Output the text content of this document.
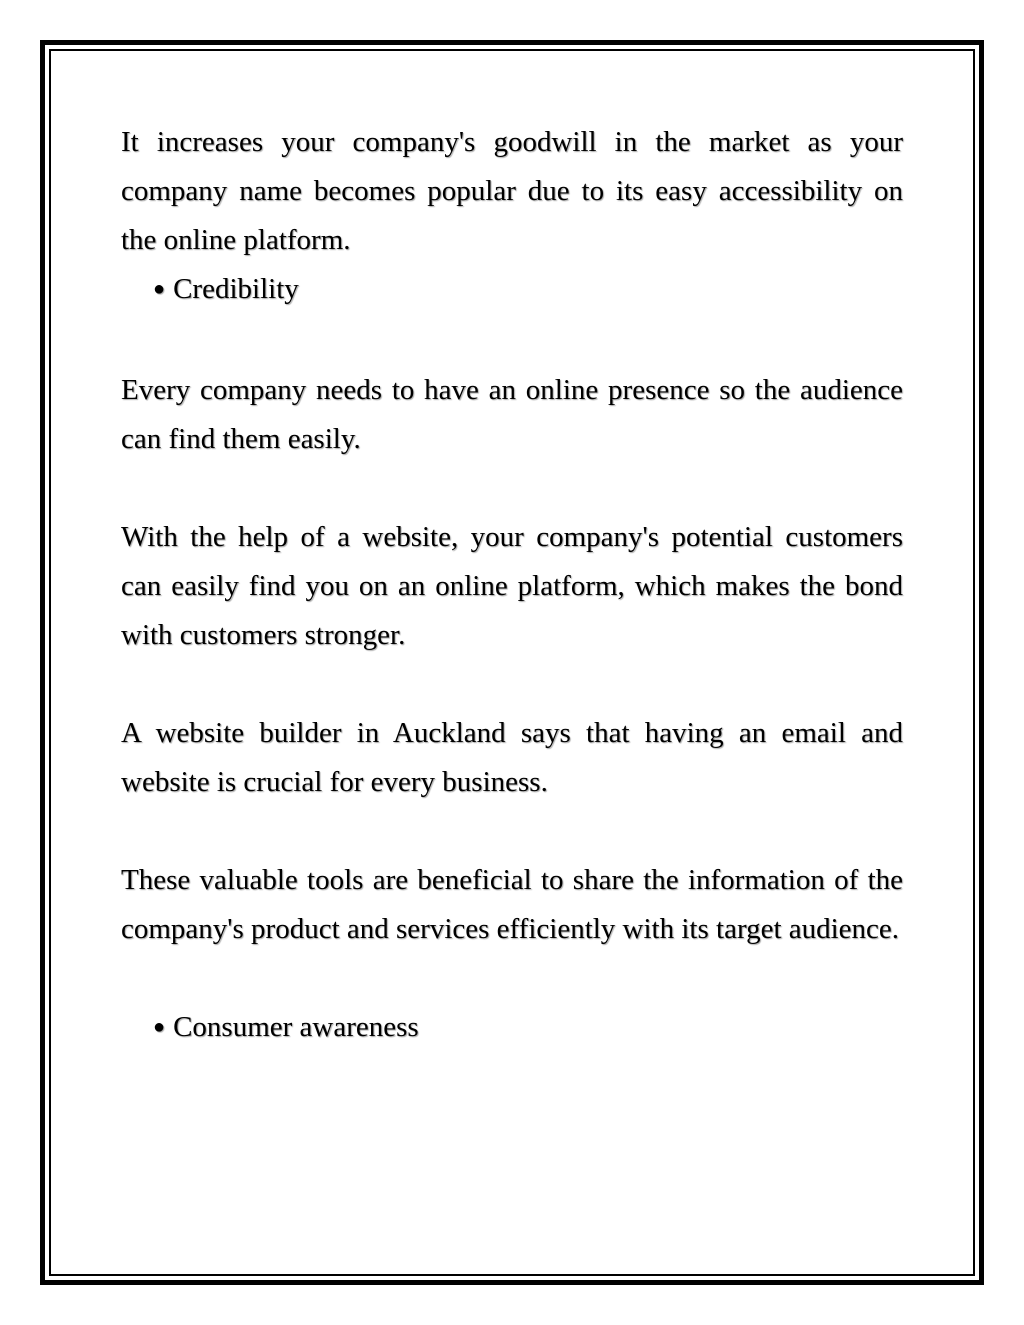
It increases your company's goodwill in the market as your company name becomes popular due to its easy accessibility on the online platform.

● Credibility

Every company needs to have an online presence so the audience can find them easily.

With the help of a website, your company's potential customers can easily find you on an online platform, which makes the bond with customers stronger.

A website builder in Auckland says that having an email and website is crucial for every business.

These valuable tools are beneficial to share the information of the company's product and services efficiently with its target audience.

● Consumer awareness
